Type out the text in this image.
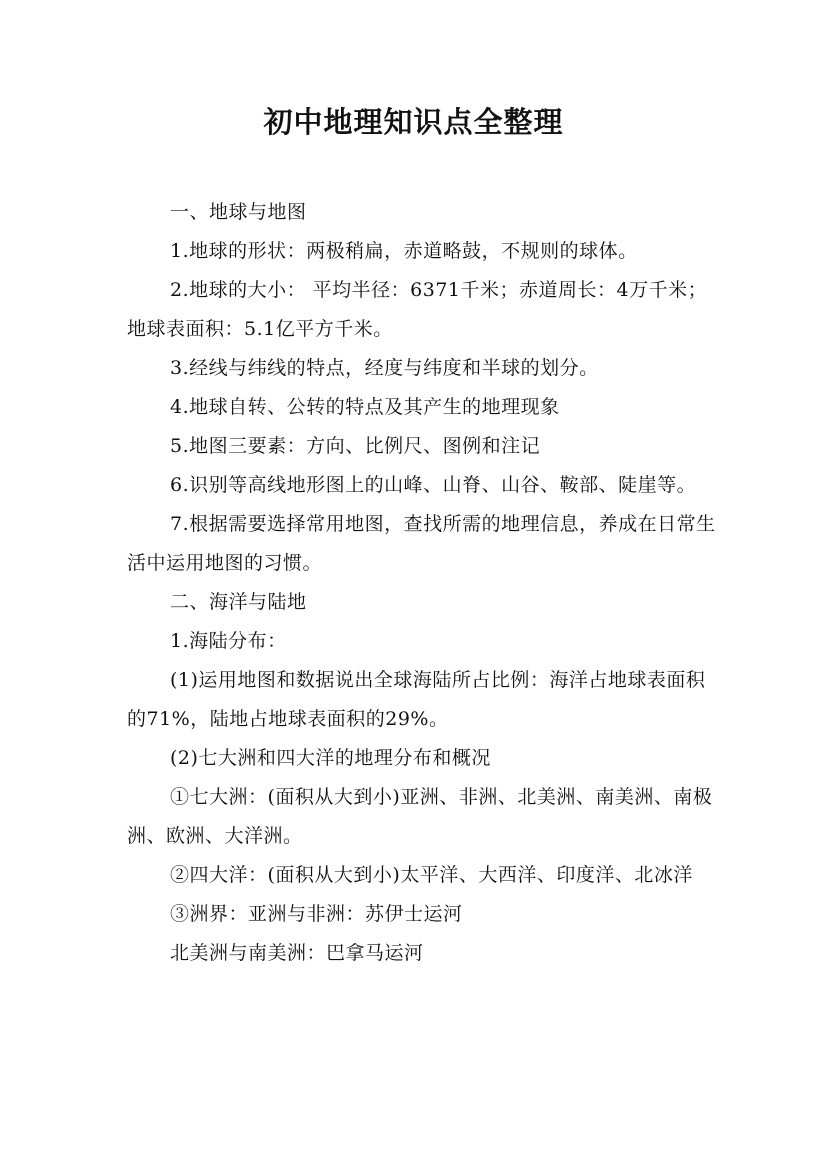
初中地理知识点全整理

一、地球与地图

1.地球的形状：两极稍扁，赤道略鼓，不规则的球体。

2.地球的大小： 平均半径：6371千米；赤道周长：4万千米；地球表面积：5.1亿平方千米。

3.经线与纬线的特点，经度与纬度和半球的划分。

4.地球自转、公转的特点及其产生的地理现象

5.地图三要素：方向、比例尺、图例和注记

6.识别等高线地形图上的山峰、山脊、山谷、鞍部、陡崖等。

7.根据需要选择常用地图，查找所需的地理信息，养成在日常生活中运用地图的习惯。

二、海洋与陆地

1.海陆分布：

(1)运用地图和数据说出全球海陆所占比例：海洋占地球表面积的71%，陆地占地球表面积的29%。

(2)七大洲和四大洋的地理分布和概况

①七大洲：(面积从大到小)亚洲、非洲、北美洲、南美洲、南极洲、欧洲、大洋洲。

②四大洋：(面积从大到小)太平洋、大西洋、印度洋、北冰洋

③洲界：亚洲与非洲：苏伊士运河

北美洲与南美洲：巴拿马运河
